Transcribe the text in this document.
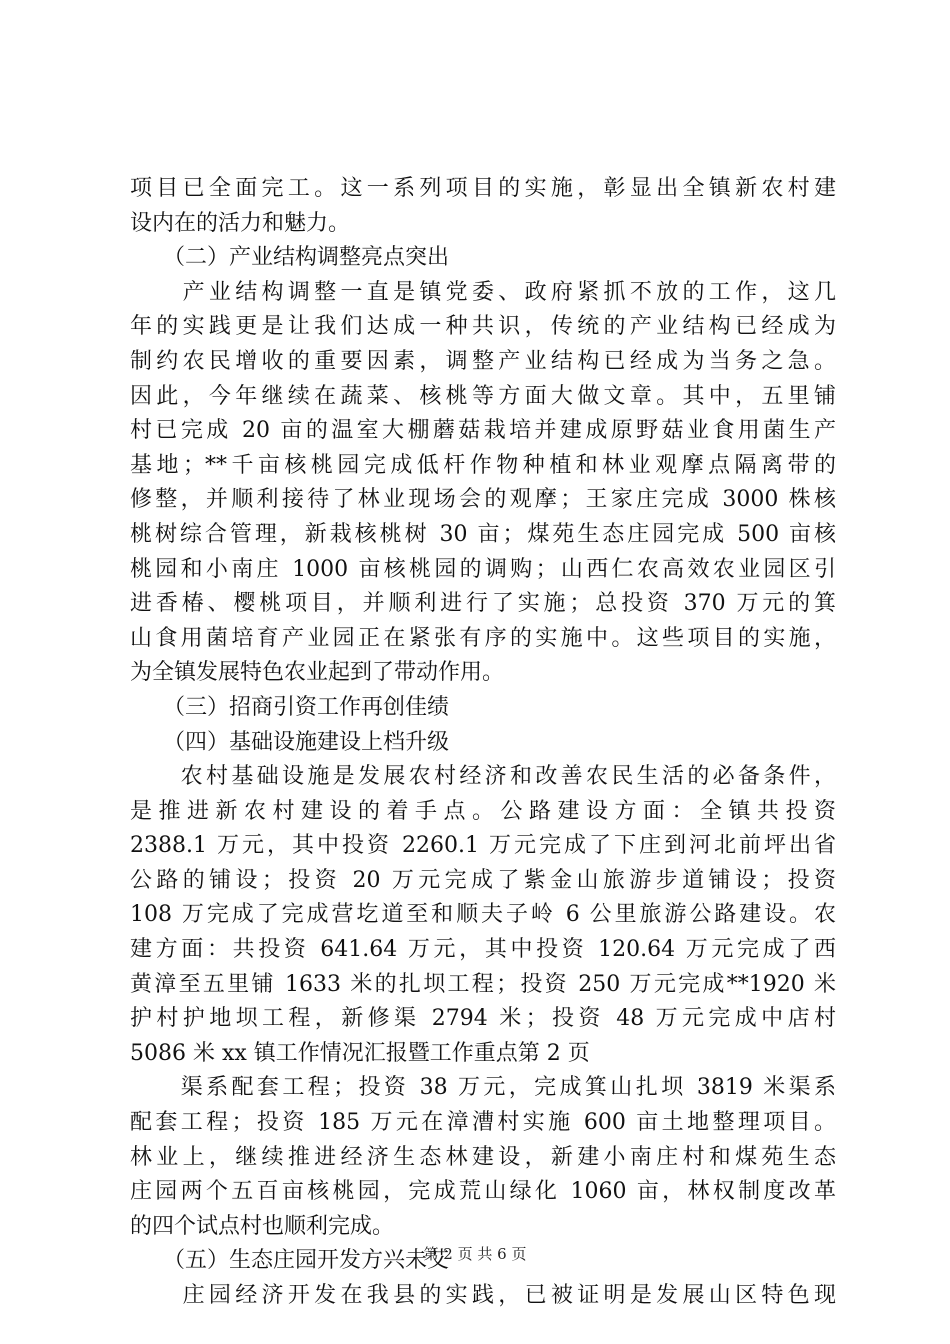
项目已全面完工。这一系列项目的实施，彰显出全镇新农村建
设内在的活力和魅力。
　　（二）产业结构调整亮点突出
　　产业结构调整一直是镇党委、政府紧抓不放的工作，这几
年的实践更是让我们达成一种共识，传统的产业结构已经成为
制约农民增收的重要因素，调整产业结构已经成为当务之急。
因此，今年继续在蔬菜、核桃等方面大做文章。其中，五里铺
村已完成 20 亩的温室大棚蘑菇栽培并建成原野菇业食用菌生产
基地；**千亩核桃园完成低杆作物种植和林业观摩点隔离带的
修整，并顺利接待了林业现场会的观摩；王家庄完成 3000 株核
桃树综合管理，新栽核桃树 30 亩；煤苑生态庄园完成 500 亩核
桃园和小南庄 1000 亩核桃园的调购；山西仁农高效农业园区引
进香椿、樱桃项目，并顺利进行了实施；总投资 370 万元的箕
山食用菌培育产业园正在紧张有序的实施中。这些项目的实施，
为全镇发展特色农业起到了带动作用。
　　（三）招商引资工作再创佳绩
　　（四）基础设施建设上档升级
　　农村基础设施是发展农村经济和改善农民生活的必备条件，
是推进新农村建设的着手点。公路建设方面：全镇共投资
2388.1 万元，其中投资 2260.1 万元完成了下庄到河北前坪出省
公路的铺设；投资 20 万元完成了紫金山旅游步道铺设；投资
108 万完成了完成营圪道至和顺夫子岭 6 公里旅游公路建设。农
建方面：共投资 641.64 万元，其中投资 120.64 万元完成了西
黄漳至五里铺 1633 米的扎坝工程；投资 250 万元完成**1920 米
护村护地坝工程，新修渠 2794 米；投资 48 万元完成中店村
5086 米 xx 镇工作情况汇报暨工作重点第 2 页
　　渠系配套工程；投资 38 万元，完成箕山扎坝 3819 米渠系
配套工程；投资 185 万元在漳漕村实施 600 亩土地整理项目。
林业上，继续推进经济生态林建设，新建小南庄村和煤苑生态
庄园两个五百亩核桃园，完成荒山绿化 1060 亩，林权制度改革
的四个试点村也顺利完成。
　　（五）生态庄园开发方兴未艾
　　庄园经济开发在我县的实践，已被证明是发展山区特色现
第 2 页 共 6 页
